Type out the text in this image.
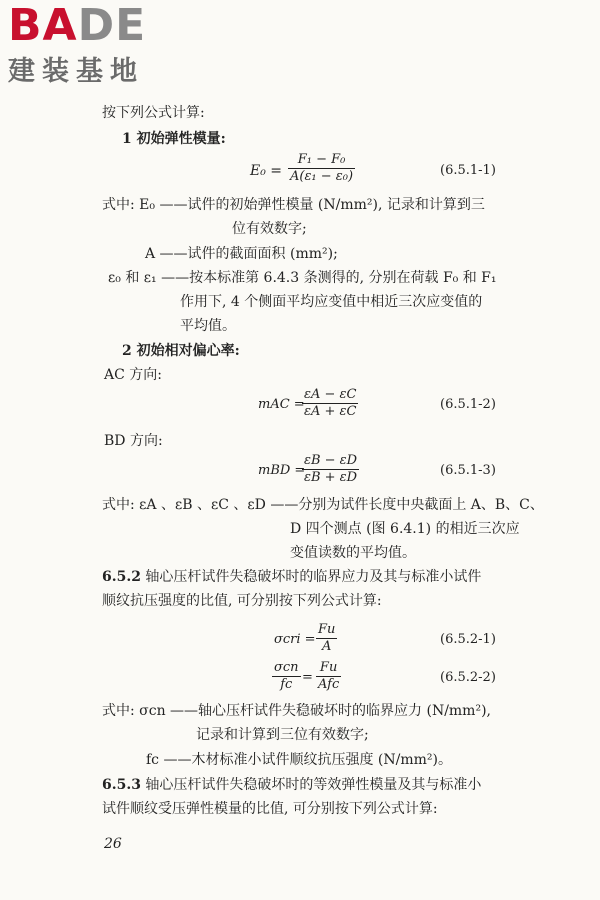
BADE
建装基地
按下列公式计算:
1 初始弹性模量:
$E_0 = \frac{\text{F₁ − F₀}}{\text{A(ε₁ − ε₀)}}$	(6.5.1-1)
式中: E₀ ——试件的初始弹性模量 (N/mm²), 记录和计算到三
位有效数字;
A ——试件的截面面积 (mm²);
ε₀ 和 ε₁ ——按本标准第 6.4.3 条测得的, 分别在荷载 F₀ 和 F₁
作用下, 4 个侧面平均应变值中相近三次应变值的
平均值。
2 初始相对偏心率:
AC 方向:
mAC =
$\frac{\varepsilon A - \varepsilon C}{\varepsilon A + \varepsilon C}$	(6.5.1-2)
BD 方向:
mBD =
$\frac{\varepsilon B - \varepsilon D}{\varepsilon B + \varepsilon D}$	(6.5.1-3)
式中: εA 、εB 、εC 、εD ——分别为试件长度中央截面上 A、B、C、
D 四个测点 (图 6.4.1) 的相近三次应
变值读数的平均值。
6.5.2 轴心压杆试件失稳破坏时的临界应力及其与标准小试件
顺纹抗压强度的比值, 可分别按下列公式计算:
$\sigma cri = \frac{Fu}{A}$	(6.5.2-1)
σcn
fc =
Fu
Afc	(6.5.2-2)
式中: σcn ——轴心压杆试件失稳破坏时的临界应力 (N/mm²),
记录和计算到三位有效数字;
fc ——木材标准小试件顺纹抗压强度 (N/mm²)。
6.5.3 轴心压杆试件失稳破坏时的等效弹性模量及其与标准小
试件顺纹受压弹性模量的比值, 可分别按下列公式计算:
26
